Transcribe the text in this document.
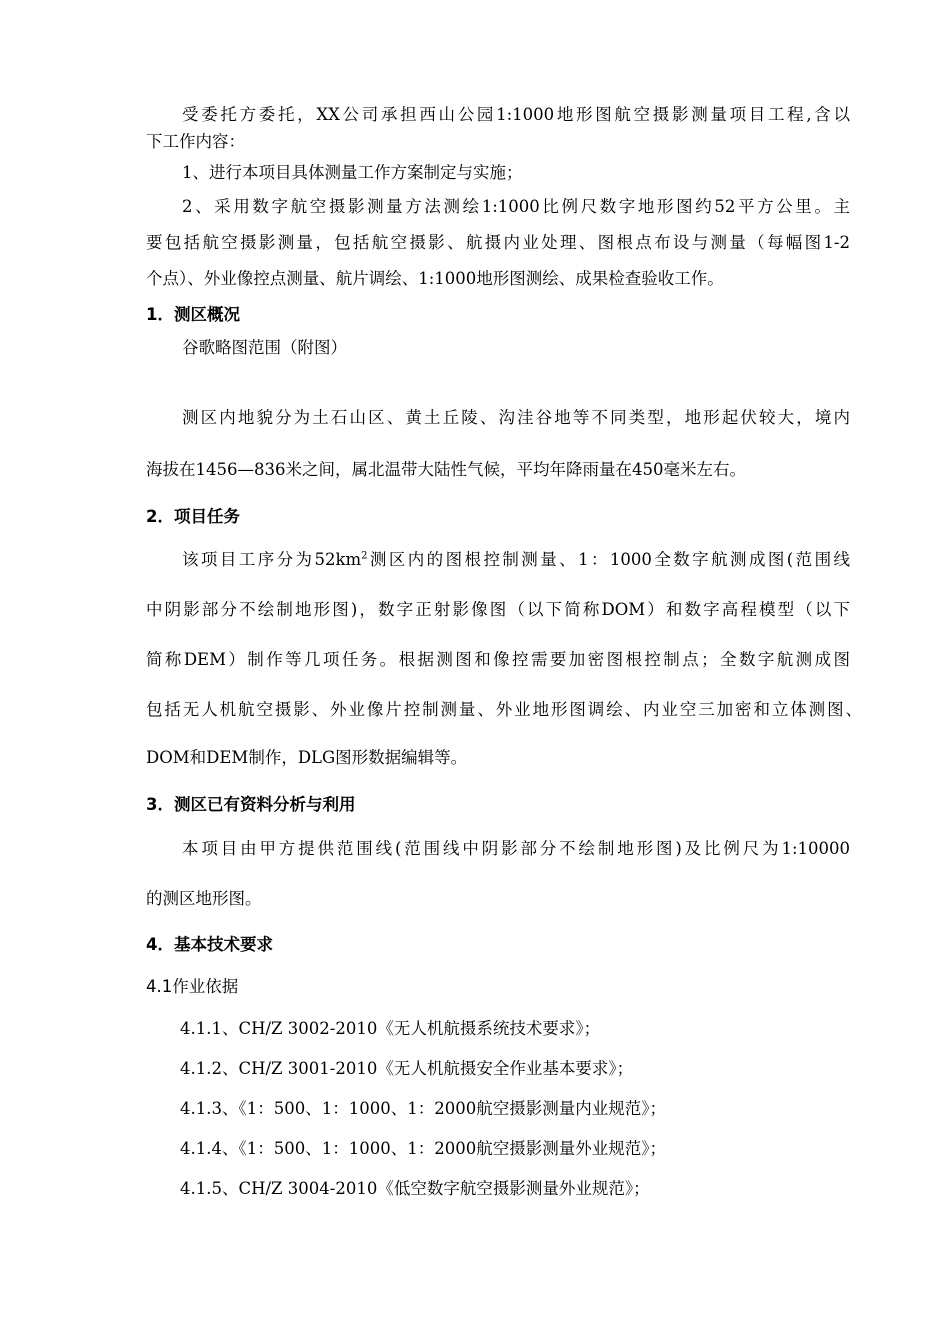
受委托方委托，XX公司承担西山公园1:1000地形图航空摄影测量项目工程,含以
下工作内容：
1、进行本项目具体测量工作方案制定与实施；
2、采用数字航空摄影测量方法测绘1:1000比例尺数字地形图约52平方公里。主
要包括航空摄影测量，包括航空摄影、航摄内业处理、图根点布设与测量（每幅图1-2
个点）、外业像控点测量、航片调绘、1:1000地形图测绘、成果检查验收工作。
1．测区概况
谷歌略图范围（附图）
测区内地貌分为土石山区、黄土丘陵、沟洼谷地等不同类型，地形起伏较大，境内
海拔在1456—836米之间，属北温带大陆性气候，平均年降雨量在450毫米左右。
2．项目任务
该项目工序分为$52km^2$测区内的图根控制测量、1：1000全数字航测成图(范围线
中阴影部分不绘制地形图)，数字正射影像图（以下简称DOM）和数字高程模型（以下
简称DEM）制作等几项任务。根据测图和像控需要加密图根控制点；全数字航测成图
包括无人机航空摄影、外业像片控制测量、外业地形图调绘、内业空三加密和立体测图、
DOM和DEM制作，DLG图形数据编辑等。
3．测区已有资料分析与利用
本项目由甲方提供范围线(范围线中阴影部分不绘制地形图)及比例尺为1:10000
的测区地形图。
4．基本技术要求
4.1作业依据
4.1.1、CH/Z 3002-2010《无人机航摄系统技术要求》；
4.1.2、CH/Z 3001-2010《无人机航摄安全作业基本要求》；
4.1.3、《1：500、1：1000、1：2000航空摄影测量内业规范》；
4.1.4、《1：500、1：1000、1：2000航空摄影测量外业规范》；
4.1.5、CH/Z 3004-2010《低空数字航空摄影测量外业规范》；
